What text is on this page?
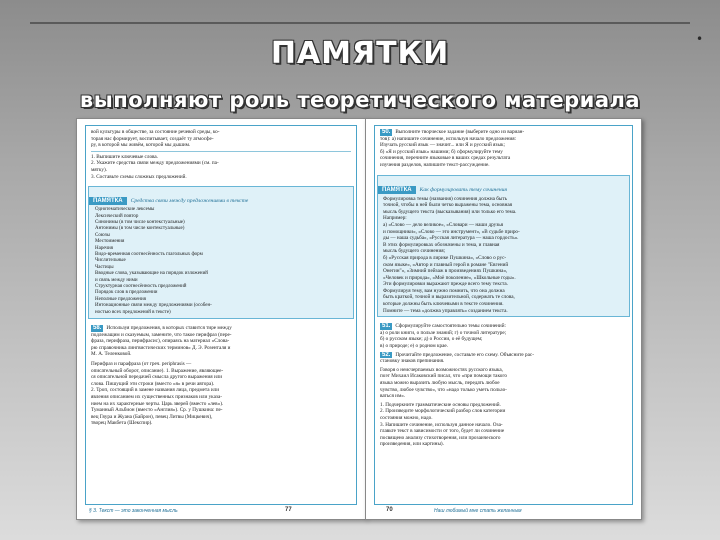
•
ПАМЯТКИ
выполняют роль теоретического материала
вой культуры в обществе, за состояние речевой среды, ко-
торая нас формирует, воспитывает, создаёт ту атмосфе-
ру, в которой мы живём, которой мы дышим.
1. Выпишите ключевые слова.
2. Укажите средства связи между предложениями (см. па-
мятку).
3. Составьте схемы сложных предложений.
ПАМЯТКА Средства связи между предложениями в тексте
Однотематические лексемы
Лексический повтор
Синонимы (в том числе контекстуальные)
Антонимы (в том числе контекстуальные)
Союзы
Местоимения
Наречия
Видо-временная соотнесённость глагольных форм
Числительные
Частицы
Вводные слова, указывающие на порядок изложений
и связь между ними
Структурная соотнесённость предложений
Порядок слов в предложении
Неполные предложения
Интонационные связи между предложениями (особен-
ностью всех предложений в тексте)
58. Используя предложения, в которых ставится тире между
подлежащим и сказуемым, замените, что такое перифраз (пере-
фраза, перифраза, перифрасис), опираясь на материал «Слова-
рю справочника лингвистических терминов» Д. Э. Розенталя и
М. А. Теленковой.
Перифраз и парафраза (от греч. periphrasis —
описательный оборот, описание). 1. Выражение, являющее-
ся описательной передачей смысла другого выражения или
слова. Пишущий эти строки (вместо «я» в речи автора).
2. Троп, состоящий в замене названия лица, предмета или
явления описанием их существенных признаков или указа-
нием на их характерные черты. Царь зверей (вместо «лев»).
Туманный Альбион (вместо «Англия»). Ср. у Пушкина: пе-
вец Гяура и Жуана (Байрон), певец Литвы (Мицкевич),
творец Макбета (Шекспир).
§ 3. Текст — это законченная мысль	77
50. Выполните творческое задание (выберите одно из вариан-
тов): а) напишите сочинение, используя начало предложения:
Изучать русский язык — значит... или Я и русский язык;
б) «Я и русский язык» нашими; б) сформулируйте тему
сочинения, перечните языковые в ваших средах результата
изучения разделов, напишите текст-рассуждение.
ПАМЯТКА Как формулировать тему сочинения
Формулировка темы (названия) сочинения должна быть
точной, чтобы в ней были четко выражены тема, основная
мысль будущего текста (высказывания) или только его тема.
Например:
а) «Слово — дело великое», «Словари — наши друзья
и помощники», «Слово — это инструмент», «В судьбе приро-
ды — наша судьба», «Русская литература — наша гордость».
В этих формулировках обозначены и тема, и главная
мысль будущего сочинения;
б) «Русская природа в лирике Пушкина», «Слово о рус-
ском языке», «Автор и главный герой в романе "Евгений
Онегин"», «Зимний пейзаж в произведениях Пушкина»,
«Человек и природа», «Моё поколение», «Школьные годы».
Эти формулировки выражают прежде всего тему текста.
Формулируя тему, вам нужно помнить, что она должна
быть краткой, точной и выразительной, содержать те слова,
которые должны быть ключевыми в тексте сочинения.
Помните — тема «должна управлять» созданием текста.
51. Сформулируйте самостоятельно темы сочинений:
а) о роли книги, о пользе знаний; г) о точной литературе;
б) о русском языке; д) о России, о её будущем;
в) о природе; е) о родном крае.
52. Прочитайте предложение, составьте его схему. Объясните рас-
становку знаков препинания.
Говоря о неисчерпаемых возможностях русского языка,
поэт Михаил Исаковский писал, что «при помощи такого
языка можно выразить любую мысль, передать любое
чувство, любое чувство», что «надо только уметь пользо-
ваться им».
1. Подчеркните грамматические основы предложений.
2. Произведите морфологический разбор слов категории
состояния можно, надо.
3. Напишите сочинение, используя данное начало. Оза-
главьте текст в зависимости от того, будет ли сочинение
посвящено анализу стихотворения, или прозаического
произведения, или картины).
70	Наш любимый мне стать желанным
